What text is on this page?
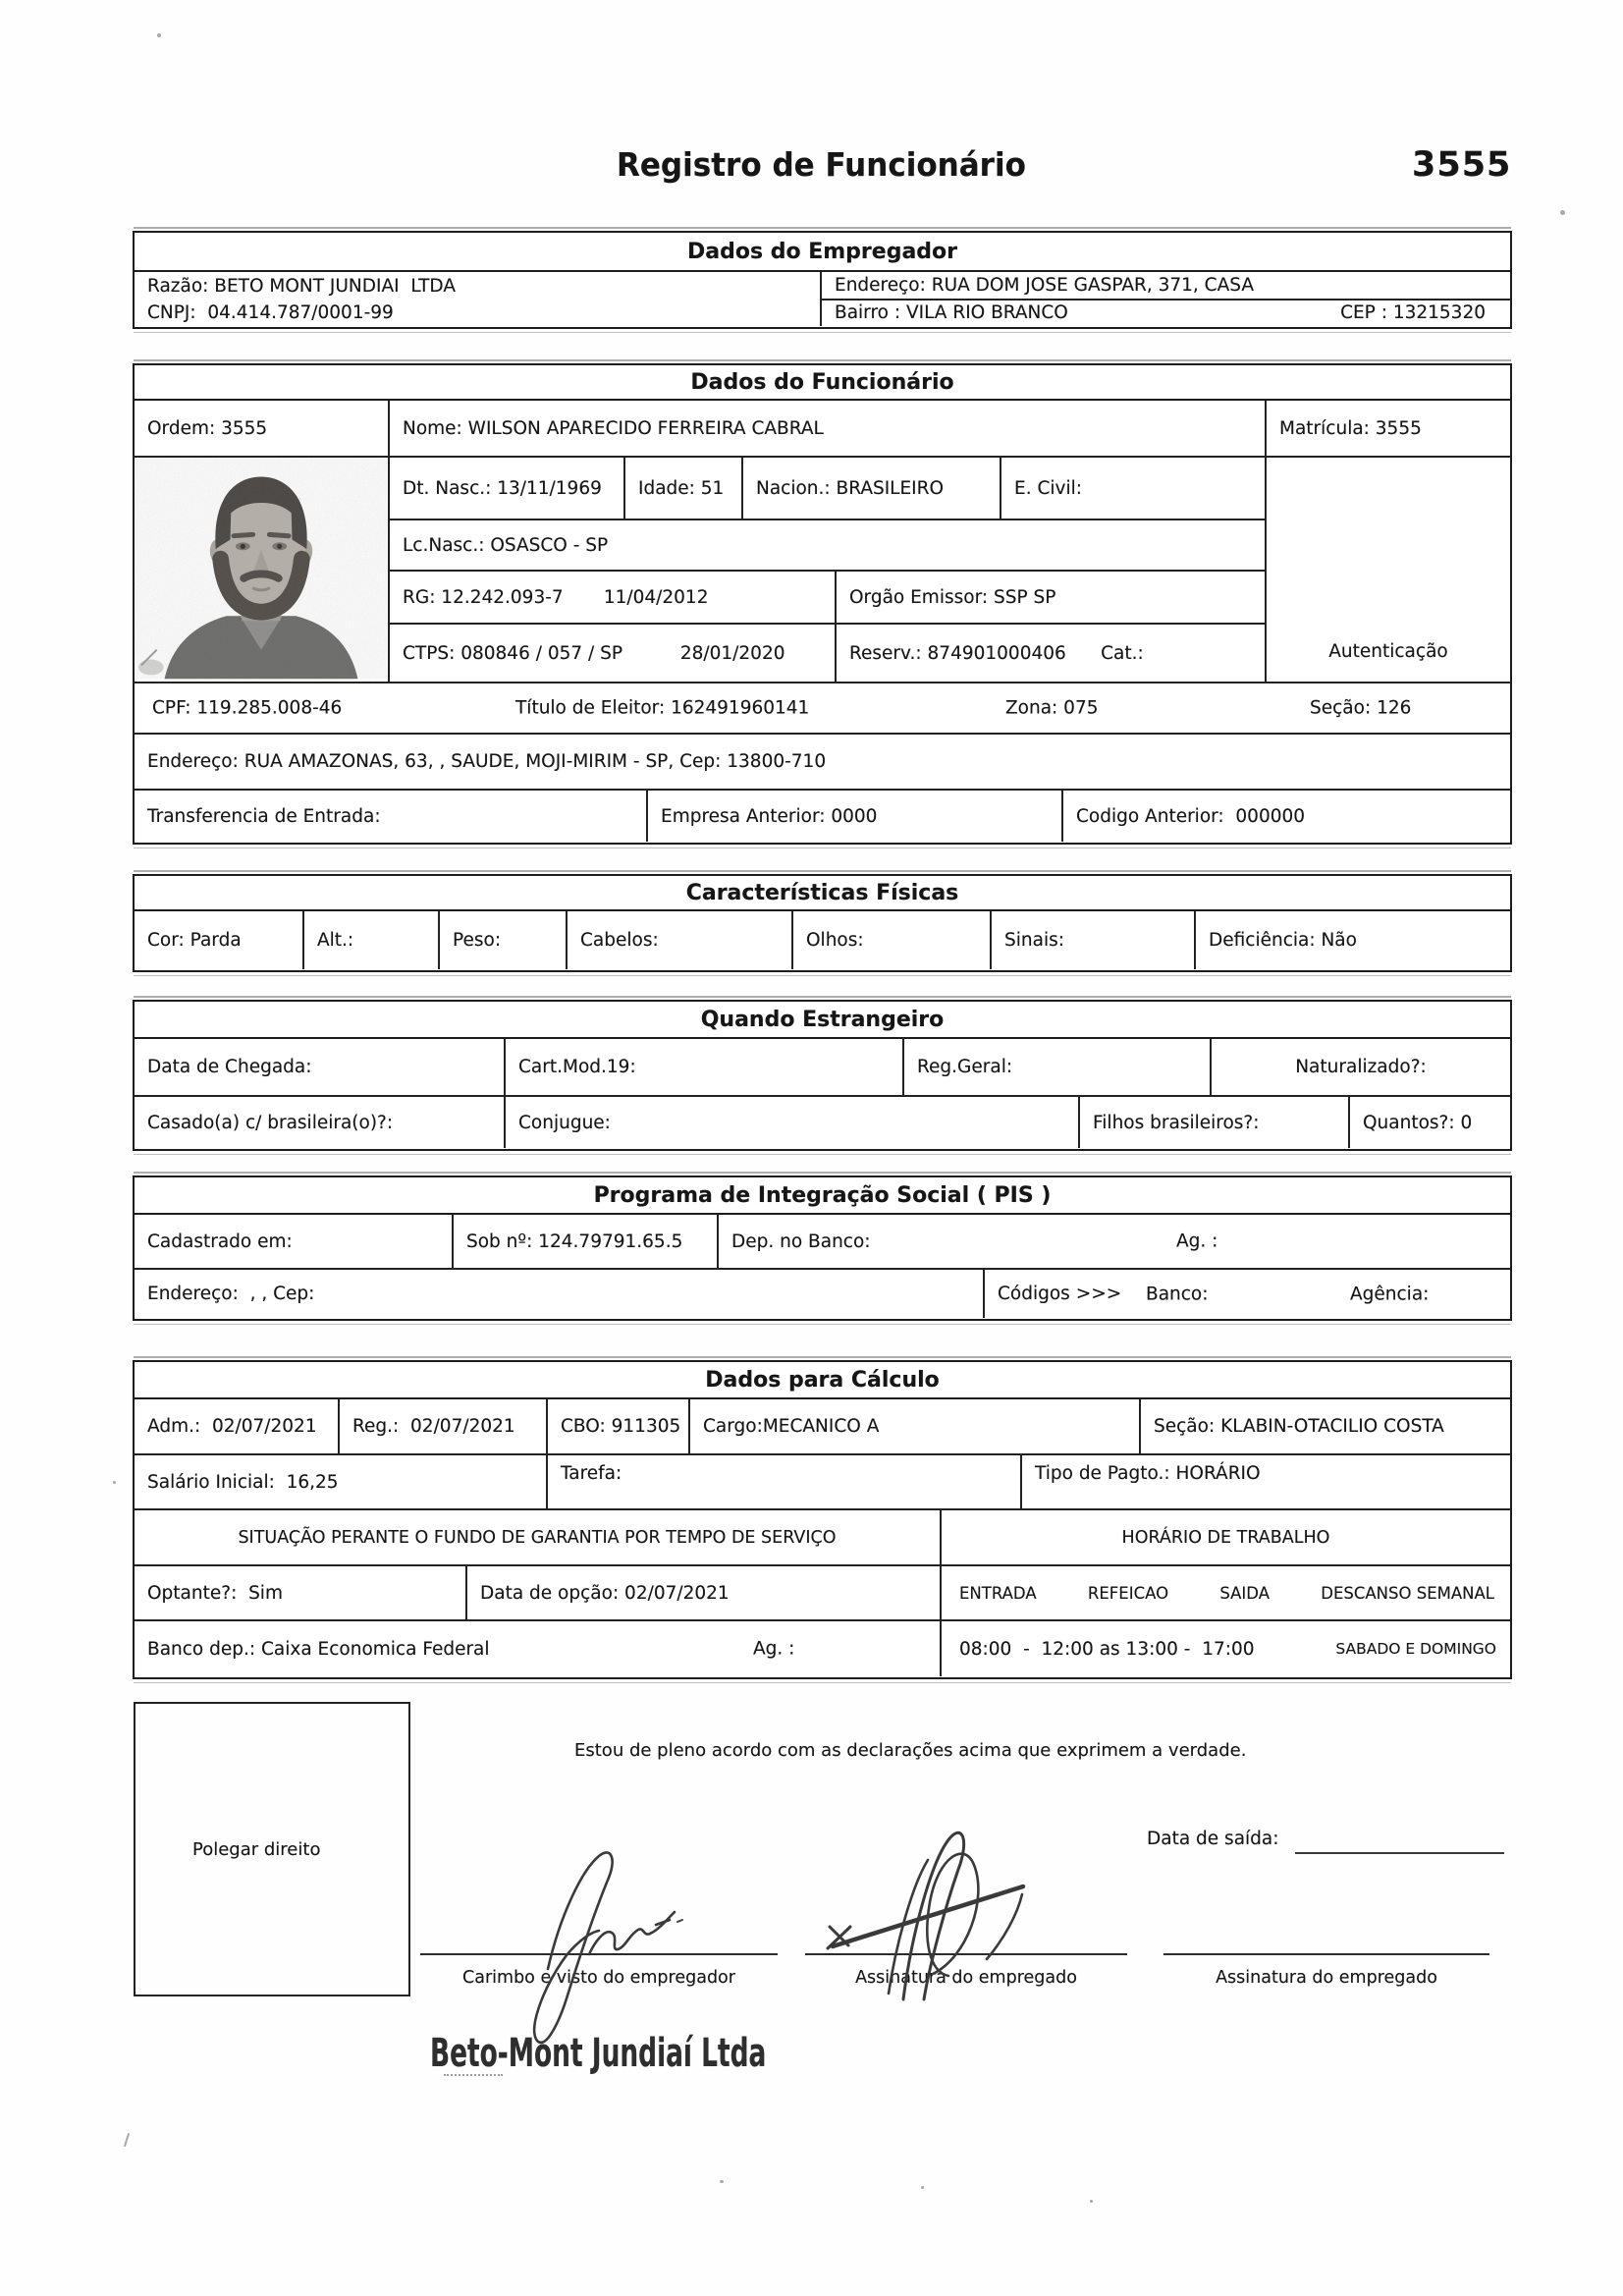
Registro de Funcionário	3555
Dados do Empregador
Razão: BETO MONT JUNDIAI  LTDA
CNPJ:  04.414.787/0001-99
Endereço: RUA DOM JOSE GASPAR, 371, CASA
Bairro : VILA RIO BRANCO	CEP : 13215320
Dados do Funcionário
Ordem: 3555	Nome: WILSON APARECIDO FERREIRA CABRAL	Matrícula: 3555
Dt. Nasc.: 13/11/1969	Idade: 51	Nacion.: BRASILEIRO	E. Civil:
Lc.Nasc.: OSASCO - SP
RG: 12.242.093-7       11/04/2012	Orgão Emissor: SSP SP
CTPS: 080846 / 057 / SP          28/01/2020	Reserv.: 874901000406      Cat.:	Autenticação
CPF: 119.285.008-46	Título de Eleitor: 162491960141	Zona: 075	Seção: 126
Endereço: RUA AMAZONAS, 63, , SAUDE, MOJI-MIRIM - SP, Cep: 13800-710
Transferencia de Entrada:	Empresa Anterior: 0000	Codigo Anterior:  000000
Características Físicas
Cor: Parda	Alt.:	Peso:	Cabelos:	Olhos:	Sinais:	Deficiência: Não
Quando Estrangeiro
Data de Chegada:	Cart.Mod.19:	Reg.Geral:	Naturalizado?:
Casado(a) c/ brasileira(o)?:	Conjugue:	Filhos brasileiros?:	Quantos?: 0
Programa de Integração Social ( PIS )
Cadastrado em:	Sob nº: 124.79791.65.5	Dep. no Banco:	Ag. :
Endereço:  , , Cep:	Códigos >>> Banco:	Agência:
Dados para Cálculo
Adm.:  02/07/2021	Reg.:  02/07/2021	CBO: 911305	Cargo:MECANICO A	Seção: KLABIN-OTACILIO COSTA
Salário Inicial:  16,25	Tarefa:	Tipo de Pagto.: HORÁRIO
SITUAÇÃO PERANTE O FUNDO DE GARANTIA POR TEMPO DE SERVIÇO	HORÁRIO DE TRABALHO
Optante?:  Sim	Data de opção: 02/07/2021	ENTRADA	REFEICAO	SAIDA	DESCANSO SEMANAL
Banco dep.: Caixa Economica Federal	Ag. :	08:00  -  12:00 as 13:00 -  17:00	SABADO E DOMINGO
Polegar direito
Estou de pleno acordo com as declarações acima que exprimem a verdade.
Data de saída:
Carimbo e visto do empregador	Assinatura do empregado	Assinatura do empregado
Beto-Mont Jundiaí Ltda
